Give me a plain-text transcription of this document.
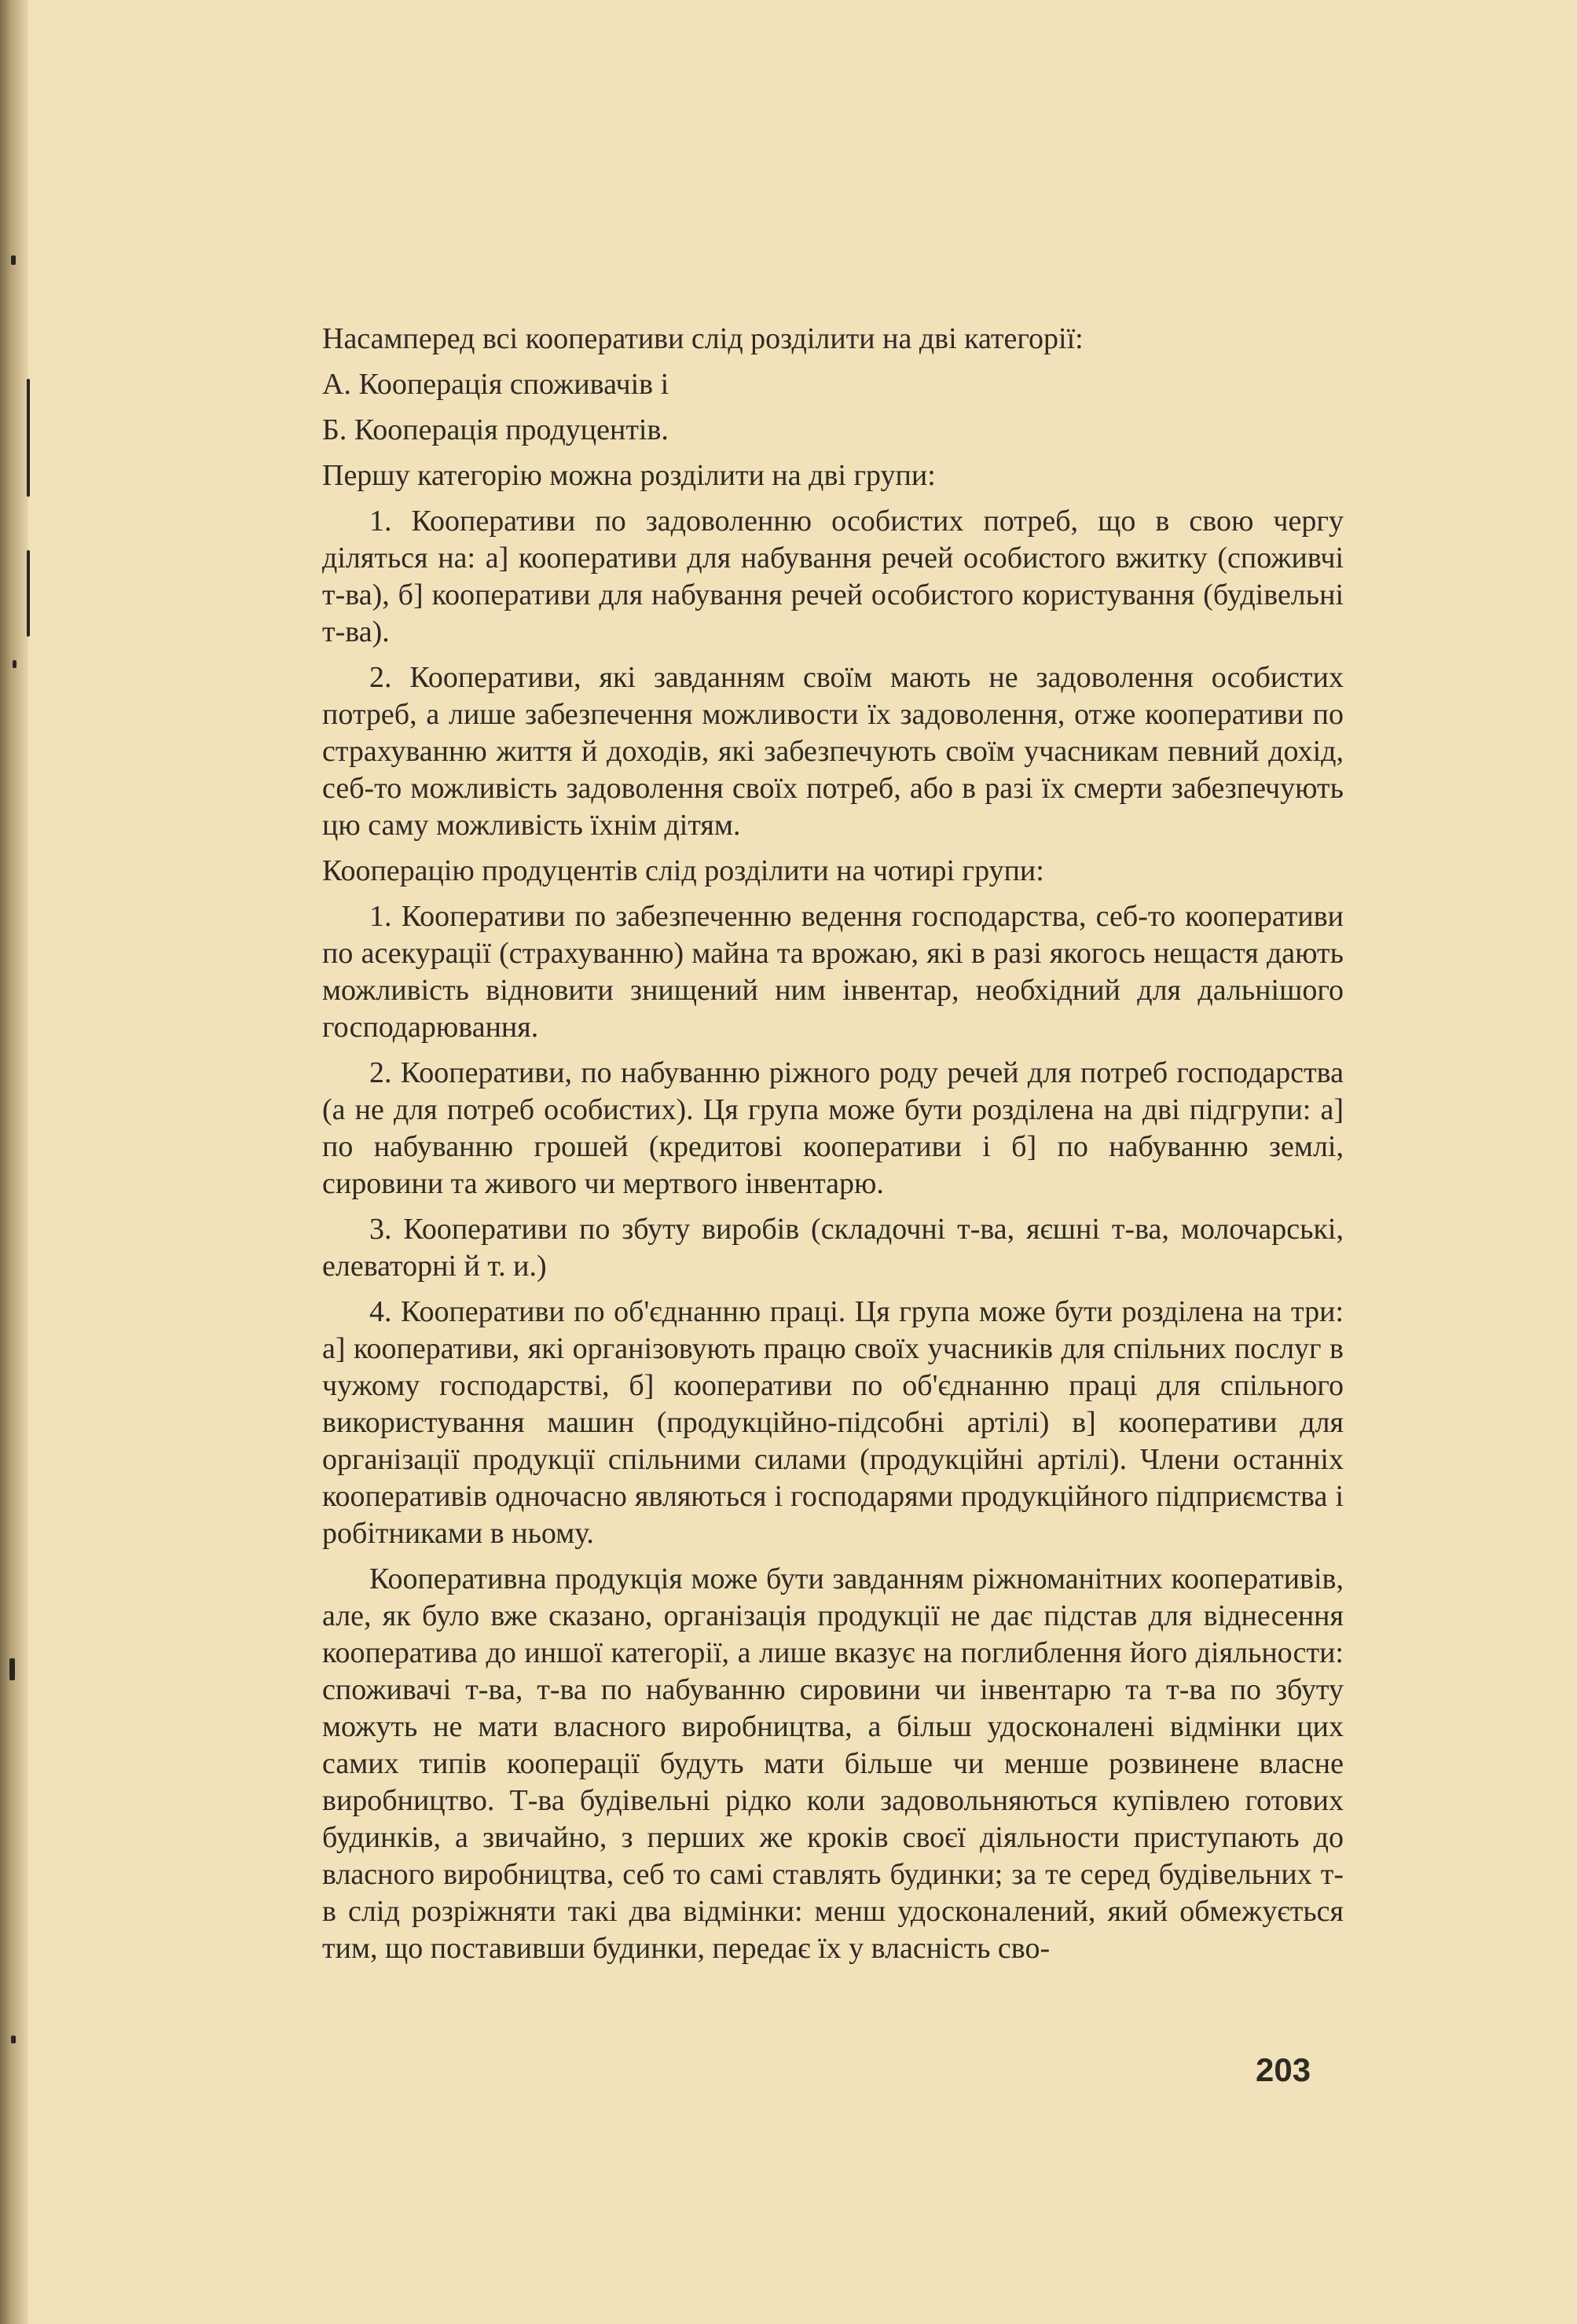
Насамперед всі кооперативи слід розділити на дві категорії:

А. Кооперація споживачів і

Б. Кооперація продуцентів.

Першу категорію можна розділити на дві групи:

1. Кооперативи по задоволенню особистих потреб, що в свою чергу діляться на: а] кооперативи для набування речей особистого вжитку (споживчі т-ва), б] кооперативи для набування речей особистого користування (будівельні т-ва).

2. Кооперативи, які завданням своїм мають не задоволення особистих потреб, а лише забезпечення можливости їх задоволення, отже кооперативи по страхуванню життя й доходів, які забезпечують своїм учасникам певний дохід, себ-то можливість задоволення своїх потреб, або в разі їх смерти забезпечують цю саму можливість їхнім дітям.

Кооперацію продуцентів слід розділити на чотирі групи:

1. Кооперативи по забезпеченню ведення господарства, себ-то кооперативи по асекурації (страхуванню) майна та врожаю, які в разі якогось нещастя дають можливість відновити знищений ним інвентар, необхідний для дальнішого господарювання.

2. Кооперативи, по набуванню ріжного роду речей для потреб господарства (а не для потреб особистих). Ця група може бути розділена на дві підгрупи: а] по набуванню грошей (кредитові кооперативи і б] по набуванню землі, сировини та живого чи мертвого інвентарю.

3. Кооперативи по збуту виробів (складочні т-ва, яєшні т-ва, молочарські, елеваторні й т. и.)

4. Кооперативи по об'єднанню праці. Ця група може бути розділена на три: а] кооперативи, які організовують працю своїх учасників для спільних послуг в чужому господарстві, б] кооперативи по об'єднанню праці для спільного використування машин (продукційно-підсобні артілі) в] кооперативи для організації продукції спільними силами (продукційні артілі). Члени останніх кооперативів одночасно являються і господарями продукційного підприємства і робітниками в ньому.

Кооперативна продукція може бути завданням ріжноманітних кооперативів, але, як було вже сказано, організація продукції не дає підстав для віднесення кооператива до иншої категорії, а лише вказує на поглиблення його діяльности: споживачі т-ва, т-ва по набуванню сировини чи інвентарю та т-ва по збуту можуть не мати власного виробництва, а більш удосконалені відмінки цих самих типів кооперації будуть мати більше чи менше розвинене власне виробництво. Т-ва будівельні рідко коли задовольняються купівлею готових будинків, а звичайно, з перших же кроків своєї діяльности приступають до власного виробництва, себ то самі ставлять будинки; за те серед будівельних т-в слід розріжняти такі два відмінки: менш удосконалений, який обмежується тим, що поставивши будинки, передає їх у власність сво-

203
